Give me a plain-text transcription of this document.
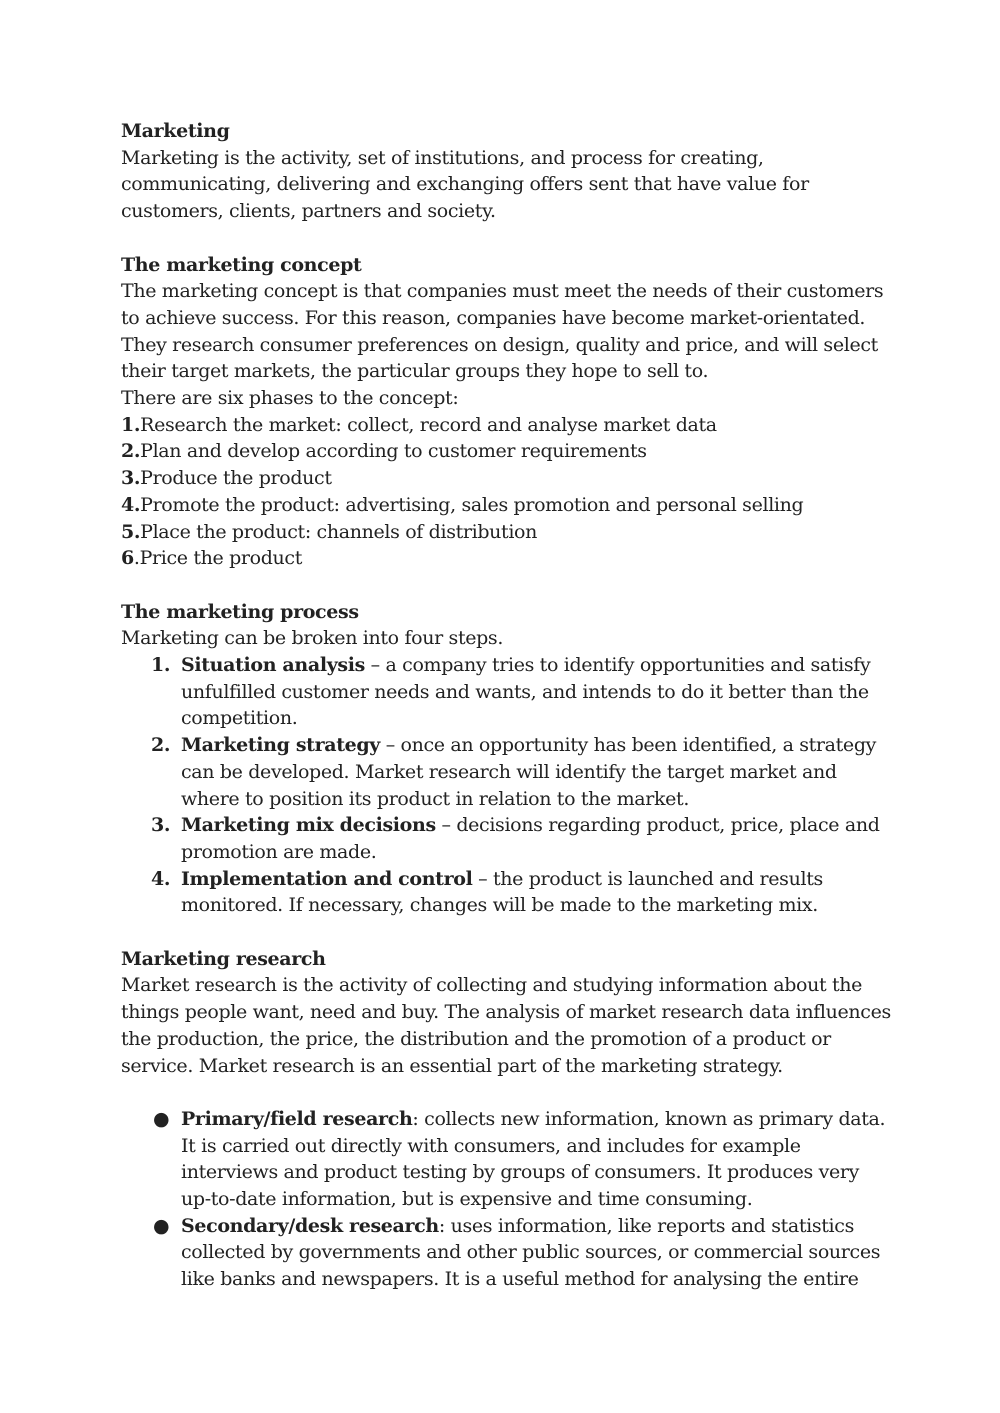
Marketing

Marketing is the activity, set of institutions, and process for creating, communicating, delivering and exchanging offers sent that have value for customers, clients, partners and society.

The marketing concept

The marketing concept is that companies must meet the needs of their customers to achieve success. For this reason, companies have become market-orientated. They research consumer preferences on design, quality and price, and will select their target markets, the particular groups they hope to sell to.

There are six phases to the concept:

1.Research the market: collect, record and analyse market data

2.Plan and develop according to customer requirements

3.Produce the product

4.Promote the product: advertising, sales promotion and personal selling

5.Place the product: channels of distribution

6.Price the product

The marketing process

Marketing can be broken into four steps.

1. Situation analysis – a company tries to identify opportunities and satisfy unfulfilled customer needs and wants, and intends to do it better than the competition.
2. Marketing strategy – once an opportunity has been identified, a strategy can be developed. Market research will identify the target market and where to position its product in relation to the market.
3. Marketing mix decisions – decisions regarding product, price, place and promotion are made.
4. Implementation and control – the product is launched and results monitored. If necessary, changes will be made to the marketing mix.

Marketing research

Market research is the activity of collecting and studying information about the things people want, need and buy. The analysis of market research data influences the production, the price, the distribution and the promotion of a product or service. Market research is an essential part of the marketing strategy.

● Primary/field research: collects new information, known as primary data. It is carried out directly with consumers, and includes for example interviews and product testing by groups of consumers. It produces very up-to-date information, but is expensive and time consuming.
● Secondary/desk research: uses information, like reports and statistics collected by governments and other public sources, or commercial sources like banks and newspapers. It is a useful method for analysing the entire
